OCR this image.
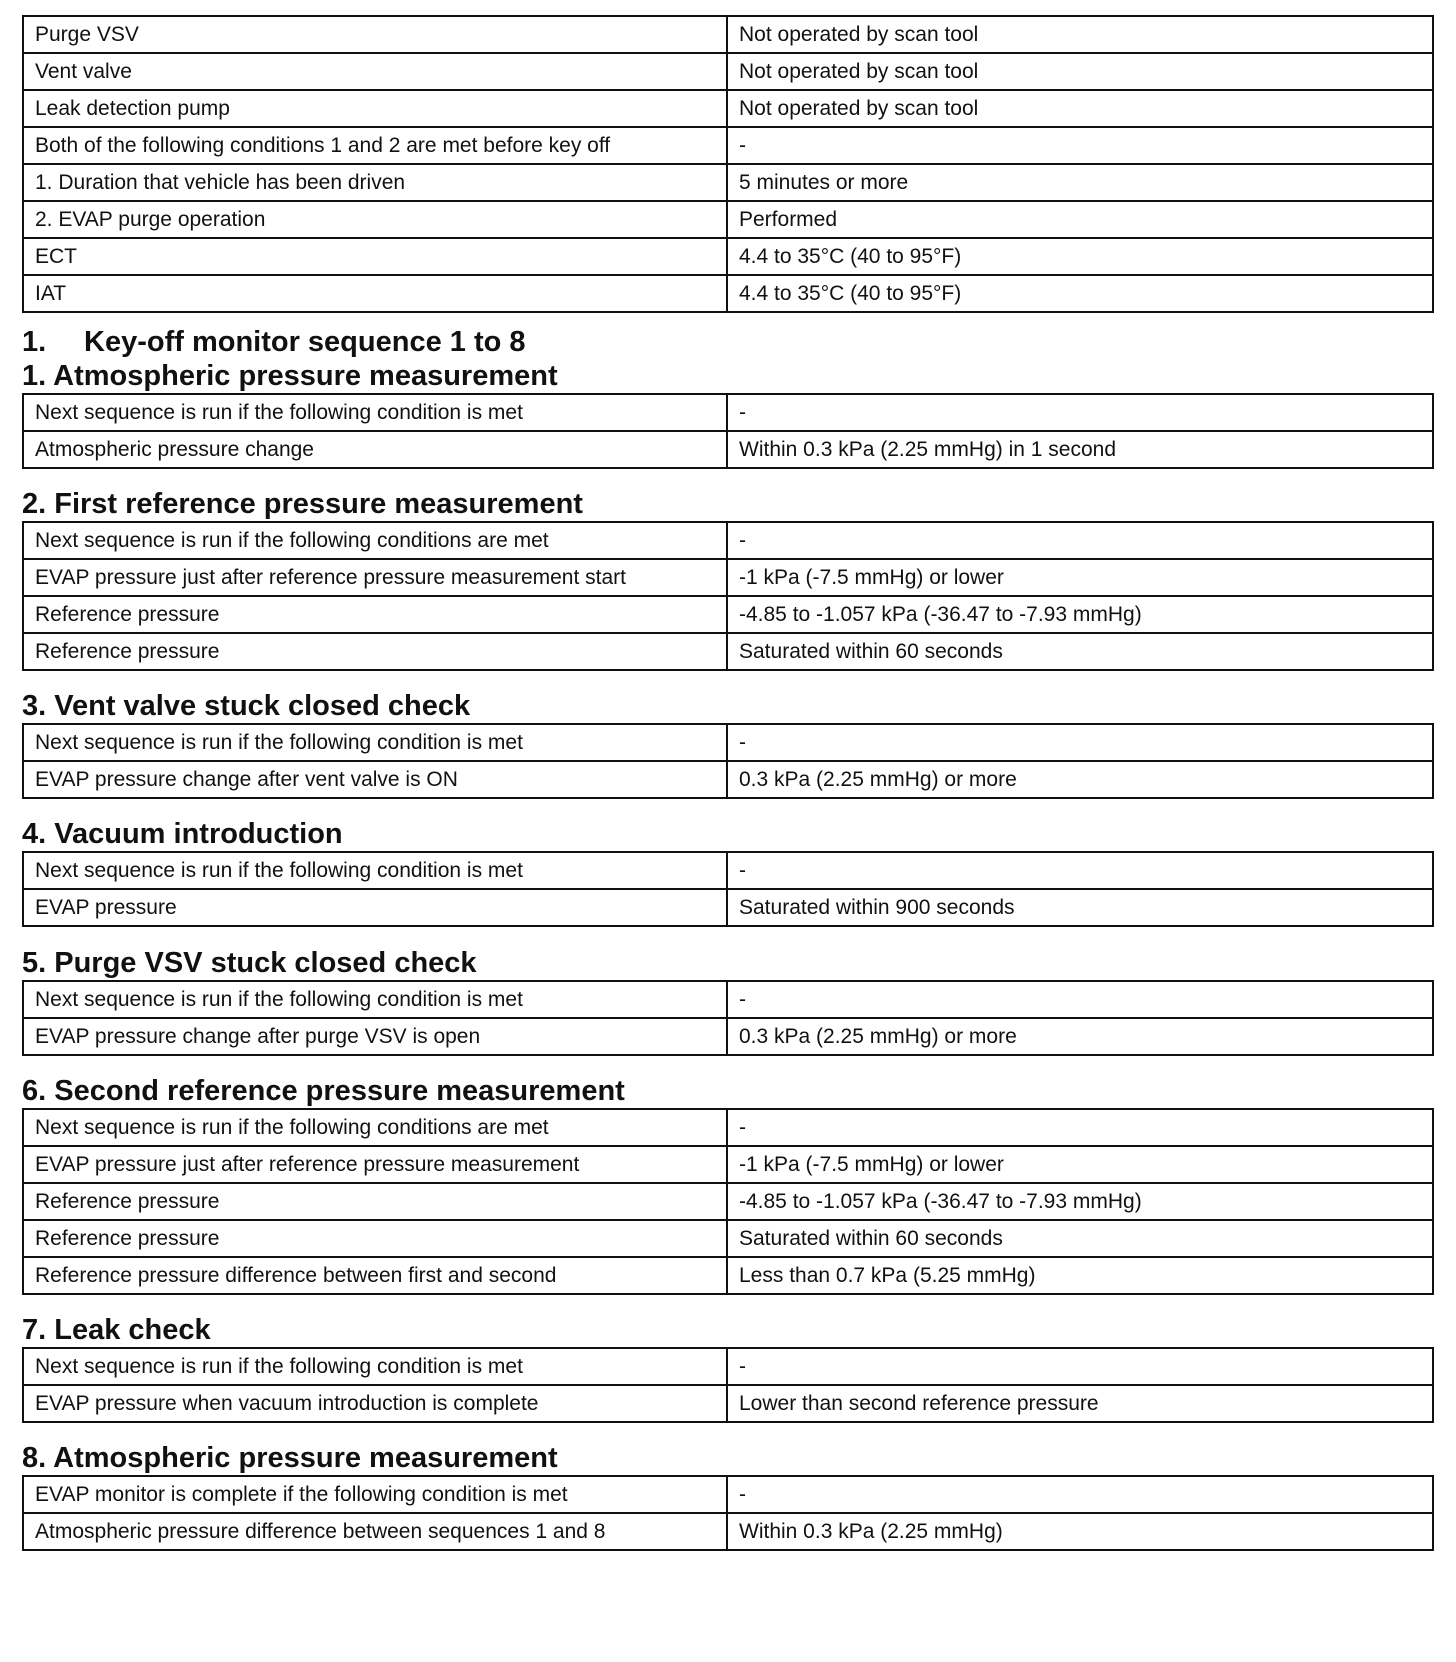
Purge VSV	Not operated by scan tool
Vent valve	Not operated by scan tool
Leak detection pump	Not operated by scan tool
Both of the following conditions 1 and 2 are met before key off	-
1. Duration that vehicle has been driven	5 minutes or more
2. EVAP purge operation	Performed
ECT	4.4 to 35°C (40 to 95°F)
IAT	4.4 to 35°C (40 to 95°F)
1. Key-off monitor sequence 1 to 8
1. Atmospheric pressure measurement
Next sequence is run if the following condition is met	-
Atmospheric pressure change	Within 0.3 kPa (2.25 mmHg) in 1 second
2. First reference pressure measurement
Next sequence is run if the following conditions are met	-
EVAP pressure just after reference pressure measurement start	-1 kPa (-7.5 mmHg) or lower
Reference pressure	-4.85 to -1.057 kPa (-36.47 to -7.93 mmHg)
Reference pressure	Saturated within 60 seconds
3. Vent valve stuck closed check
Next sequence is run if the following condition is met	-
EVAP pressure change after vent valve is ON	0.3 kPa (2.25 mmHg) or more
4. Vacuum introduction
Next sequence is run if the following condition is met	-
EVAP pressure	Saturated within 900 seconds
5. Purge VSV stuck closed check
Next sequence is run if the following condition is met	-
EVAP pressure change after purge VSV is open	0.3 kPa (2.25 mmHg) or more
6. Second reference pressure measurement
Next sequence is run if the following conditions are met	-
EVAP pressure just after reference pressure measurement	-1 kPa (-7.5 mmHg) or lower
Reference pressure	-4.85 to -1.057 kPa (-36.47 to -7.93 mmHg)
Reference pressure	Saturated within 60 seconds
Reference pressure difference between first and second	Less than 0.7 kPa (5.25 mmHg)
7. Leak check
Next sequence is run if the following condition is met	-
EVAP pressure when vacuum introduction is complete	Lower than second reference pressure
8. Atmospheric pressure measurement
EVAP monitor is complete if the following condition is met	-
Atmospheric pressure difference between sequences 1 and 8	Within 0.3 kPa (2.25 mmHg)
